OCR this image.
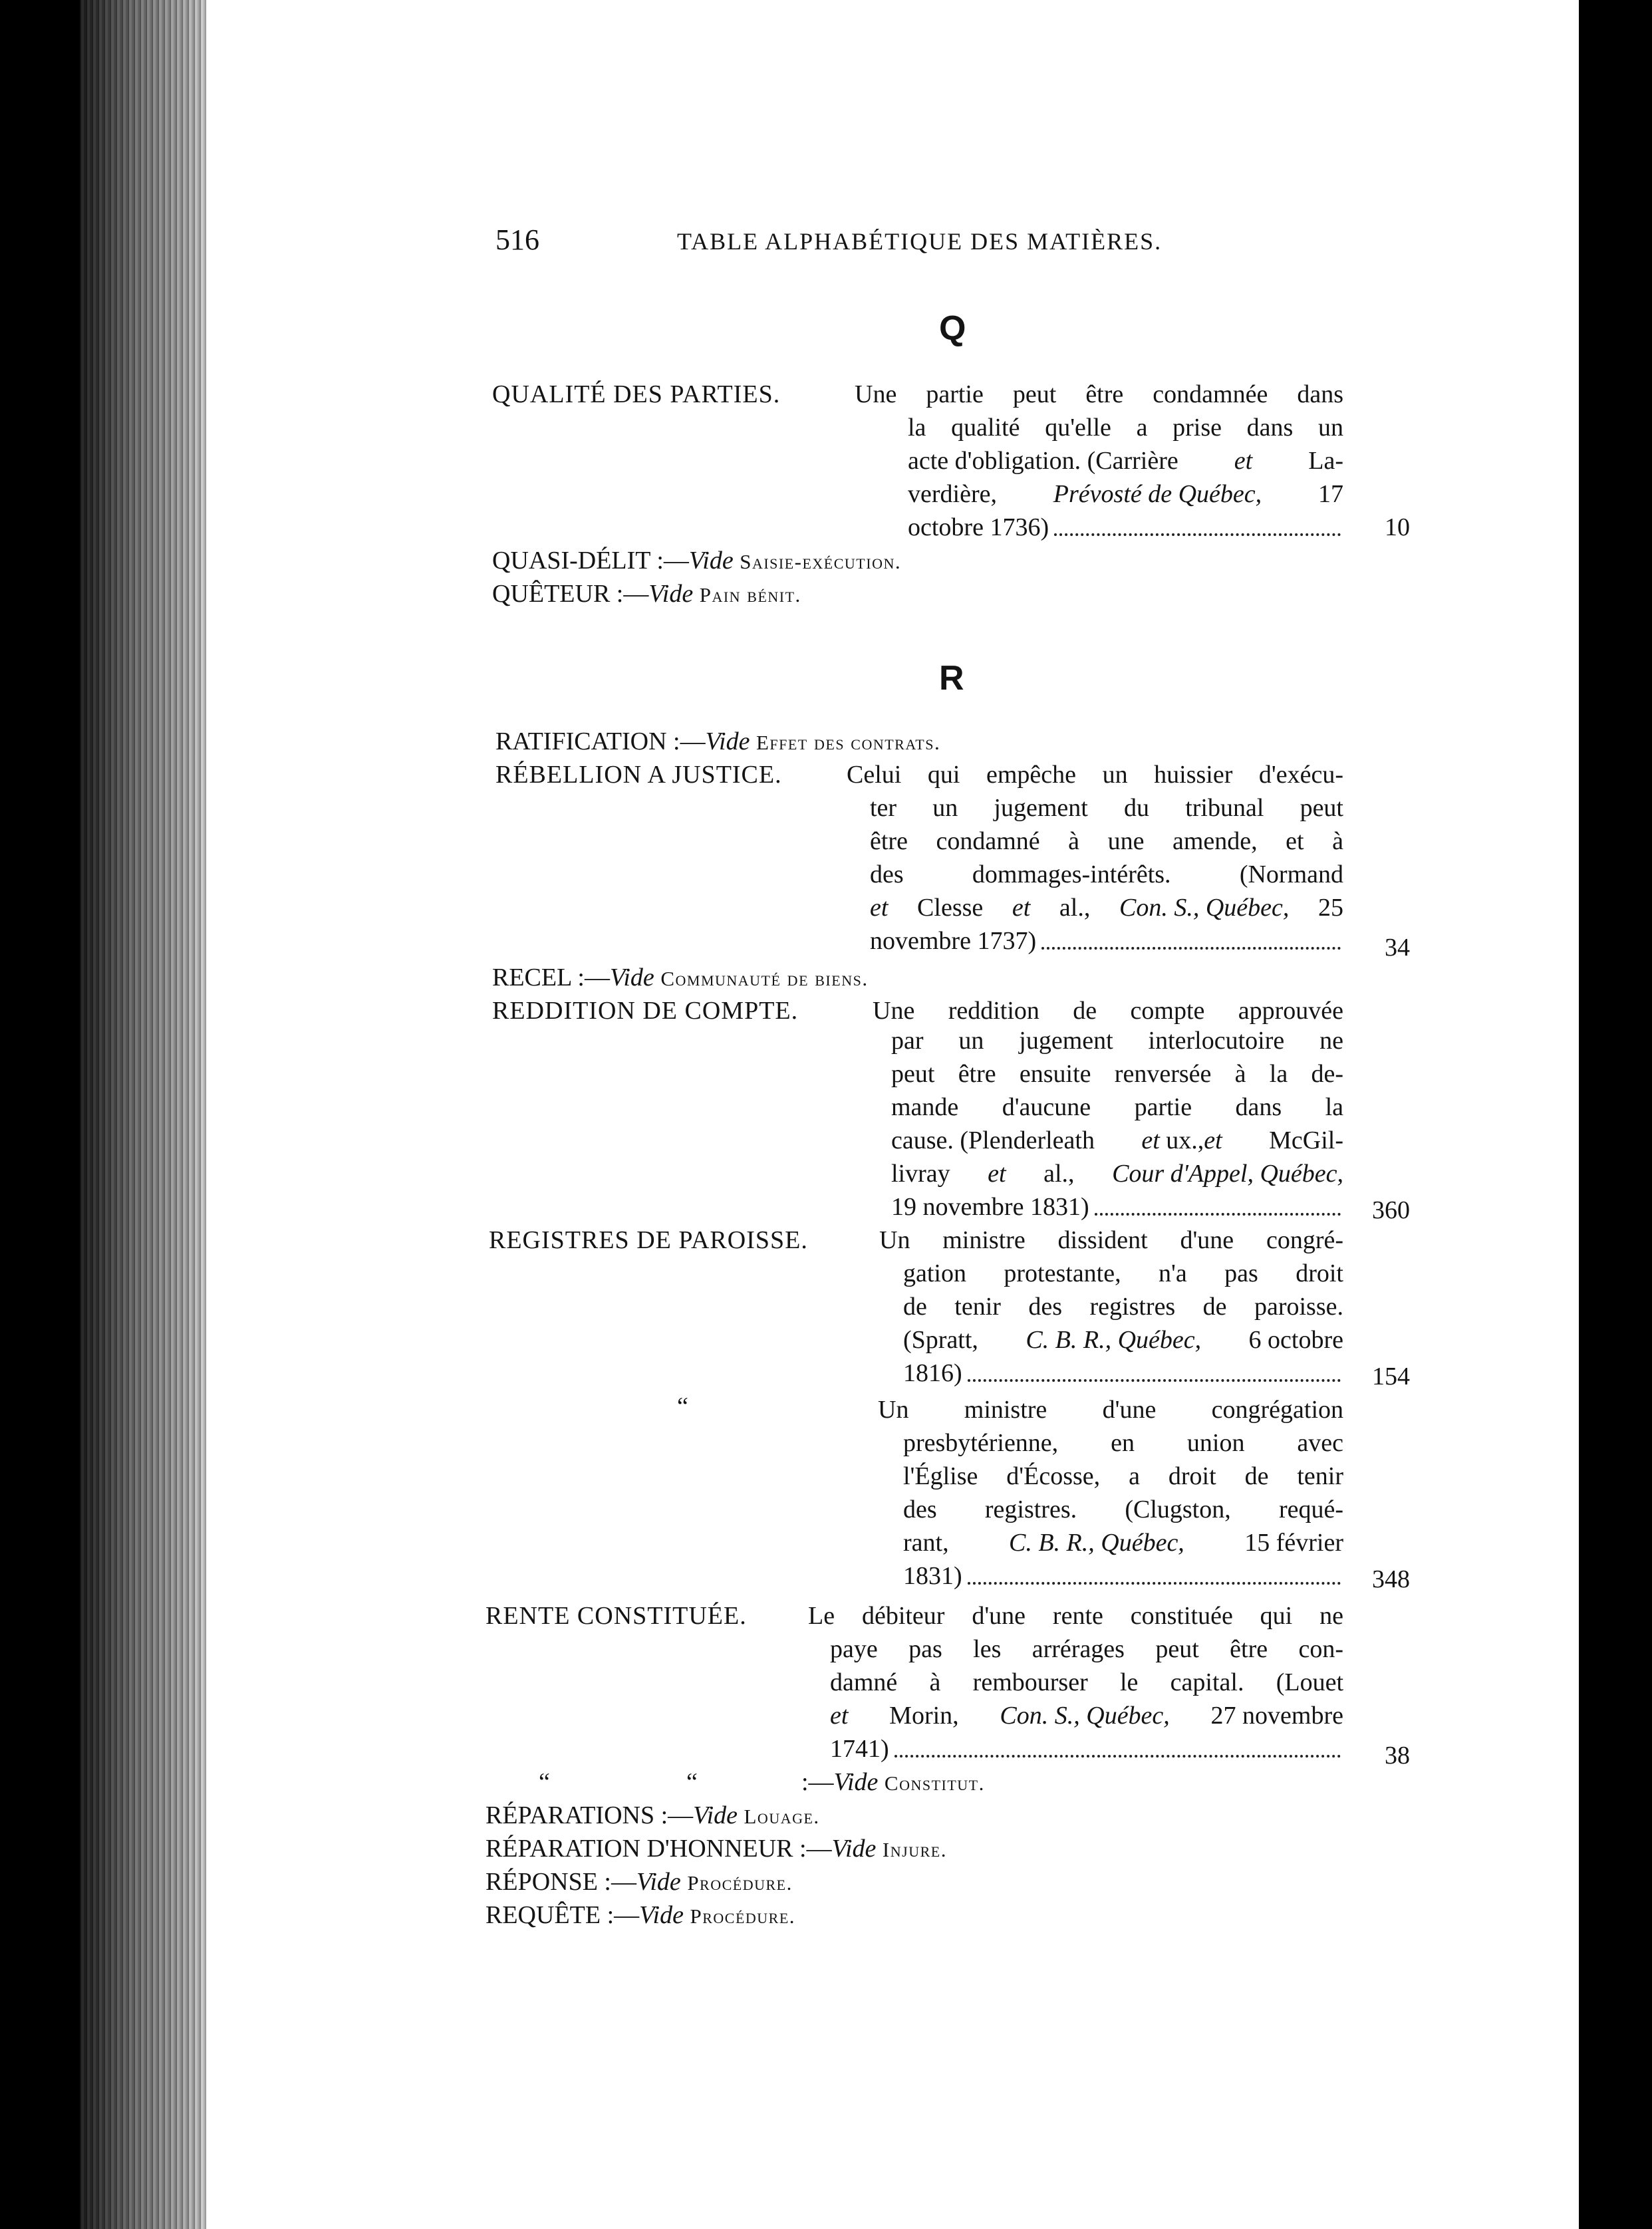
516	TABLE ALPHABÉTIQUE DES MATIÈRES.
Q
QUALITÉ DES PARTIES.	Une partie peut être condamnée dans
la qualité qu'elle a prise dans un
acte d'obligation. (Carrière et La-
verdière, Prévosté de Québec, 17
octobre 1736)	10
QUASI-DÉLIT :—Vide Saisie-exécution.
QUÊTEUR :—Vide Pain bénit.
R
RATIFICATION :—Vide Effet des contrats.
RÉBELLION A JUSTICE.	Celui qui empêche un huissier d'exécu-
ter un jugement du tribunal peut
être condamné à une amende, et à
des dommages-intérêts. (Normand
et Clesse et al., Con. S., Québec, 25
novembre 1737)	34
RECEL :—Vide Communauté de biens.
REDDITION DE COMPTE.	Une reddition de compte approuvée
par un jugement interlocutoire ne
peut être ensuite renversée à la de-
mande d'aucune partie dans la
cause. (Plenderleath et ux.,et McGil-
livray et al., Cour d'Appel, Québec,
19 novembre 1831)	360
REGISTRES DE PAROISSE.	Un ministre dissident d'une congré-
gation protestante, n'a pas droit
de tenir des registres de paroisse.
(Spratt, C. B. R., Québec, 6 octobre
1816)	154
“	Un ministre d'une congrégation
presbytérienne, en union avec
l'Église d'Écosse, a droit de tenir
des registres. (Clugston, requé-
rant, C. B. R., Québec, 15 février
1831)	348
RENTE CONSTITUÉE. Le débiteur d'une rente constituée qui ne
paye pas les arrérages peut être con-
damné à rembourser le capital. (Louet
et Morin, Con. S., Québec, 27 novembre
1741)	38
“	“	:—Vide Constitut.
RÉPARATIONS :—Vide Louage.
RÉPARATION D'HONNEUR :—Vide Injure.
RÉPONSE :—Vide Procédure.
REQUÊTE :—Vide Procédure.
